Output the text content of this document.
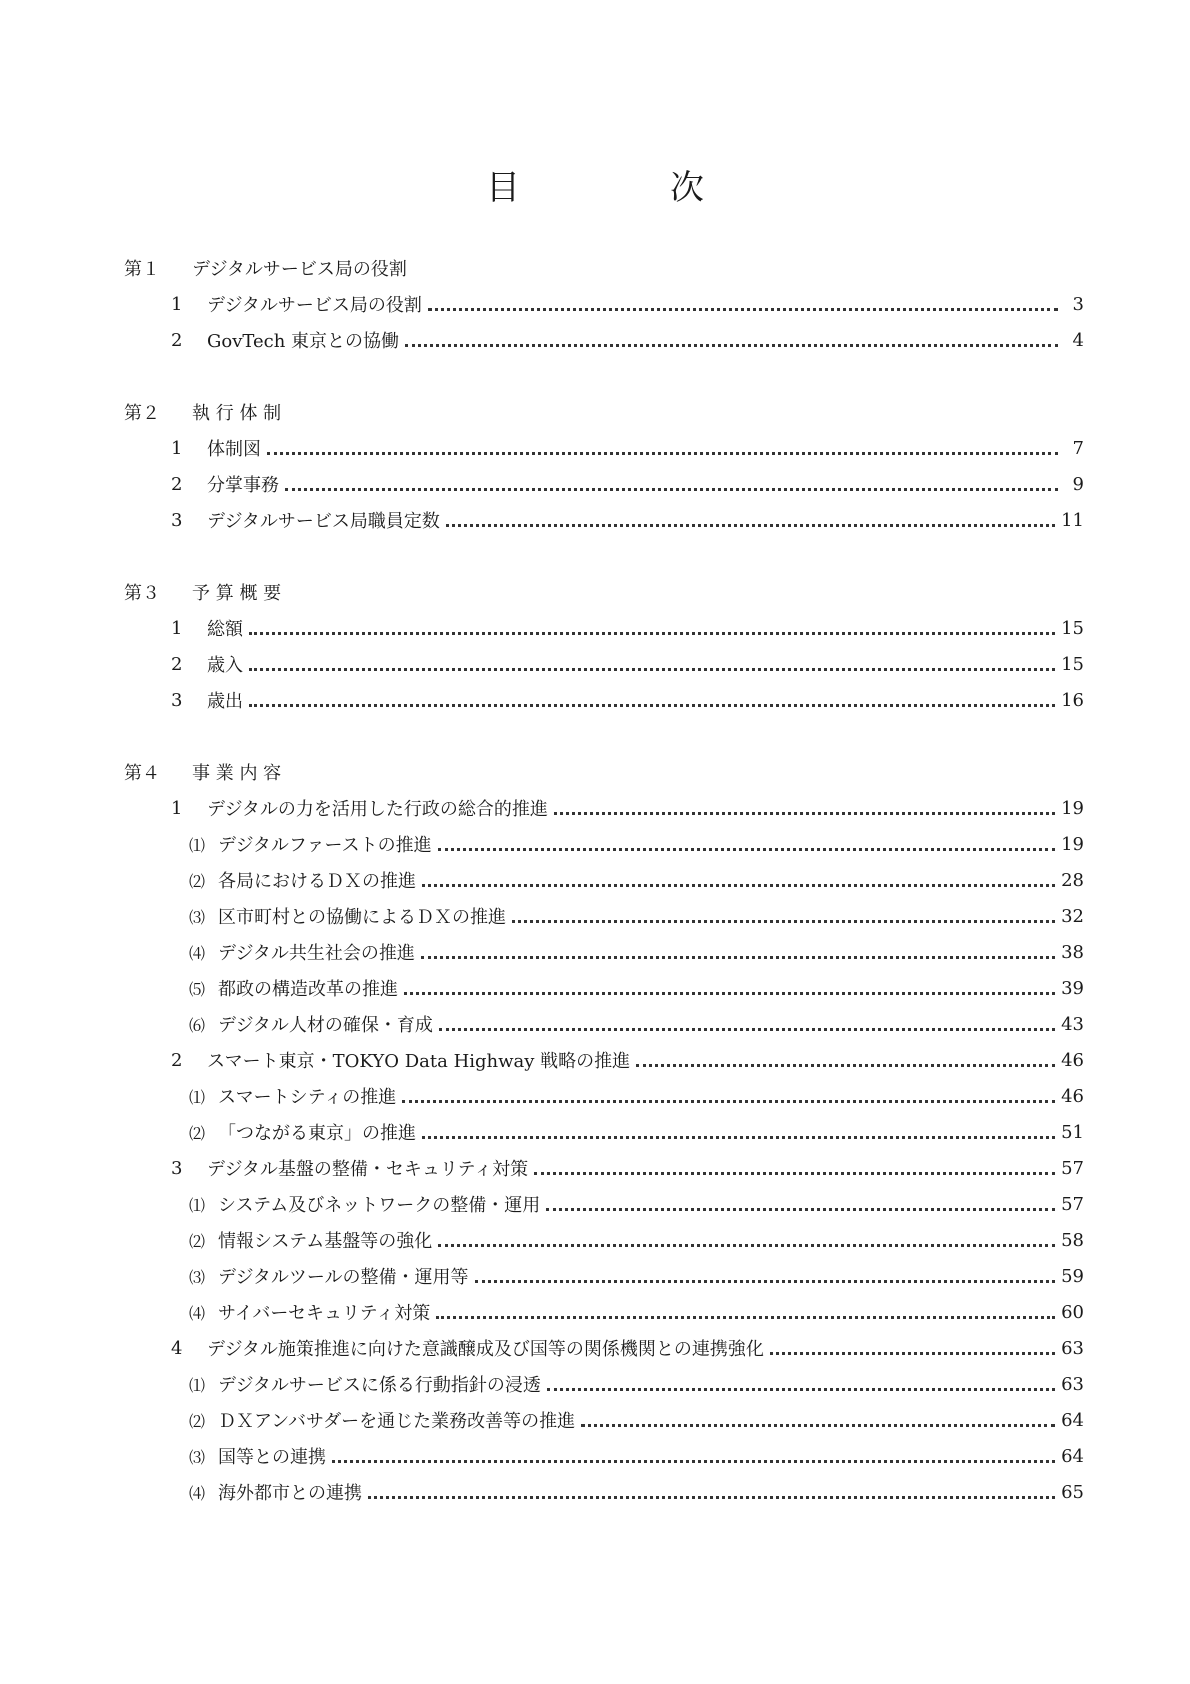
目　次
第１	デジタルサービス局の役割
1	デジタルサービス局の役割	3
2	GovTech 東京との協働	4
第２	執 行 体 制
1	体制図	7
2	分掌事務	9
3	デジタルサービス局職員定数	11
第３	予 算 概 要
1	総額	15
2	歳入	15
3	歳出	16
第４	事 業 内 容
1	デジタルの力を活用した行政の総合的推進	19
⑴ デジタルファーストの推進	19
⑵ 各局におけるＤＸの推進	28
⑶ 区市町村との協働によるＤＸの推進	32
⑷ デジタル共生社会の推進	38
⑸ 都政の構造改革の推進	39
⑹ デジタル人材の確保・育成	43
2	スマート東京・TOKYO Data Highway 戦略の推進	46
⑴ スマートシティの推進	46
⑵ 「つながる東京」の推進	51
3	デジタル基盤の整備・セキュリティ対策	57
⑴ システム及びネットワークの整備・運用	57
⑵ 情報システム基盤等の強化	58
⑶ デジタルツールの整備・運用等	59
⑷ サイバーセキュリティ対策	60
4	デジタル施策推進に向けた意識醸成及び国等の関係機関との連携強化	63
⑴ デジタルサービスに係る行動指針の浸透	63
⑵ ＤＸアンバサダーを通じた業務改善等の推進	64
⑶ 国等との連携	64
⑷ 海外都市との連携	65
